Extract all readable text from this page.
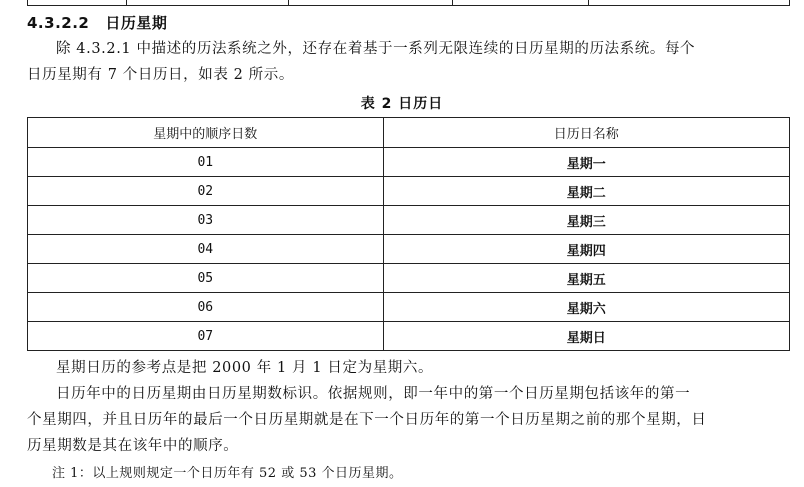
4.3.2.2 日历星期

除 4.3.2.1 中描述的历法系统之外，还存在着基于一系列无限连续的日历星期的历法系统。每个

日历星期有 7 个日历日，如表 2 所示。

表 2 日历日
星期中的顺序日数	日历日名称
01	星期一
02	星期二
03	星期三
04	星期四
05	星期五
06	星期六
07	星期日

星期日历的参考点是把 2000 年 1 月 1 日定为星期六。

日历年中的日历星期由日历星期数标识。依据规则，即一年中的第一个日历星期包括该年的第一

个星期四，并且日历年的最后一个日历星期就是在下一个日历年的第一个日历星期之前的那个星期，日

历星期数是其在该年中的顺序。

注 1：以上规则规定一个日历年有 52 或 53 个日历星期。
